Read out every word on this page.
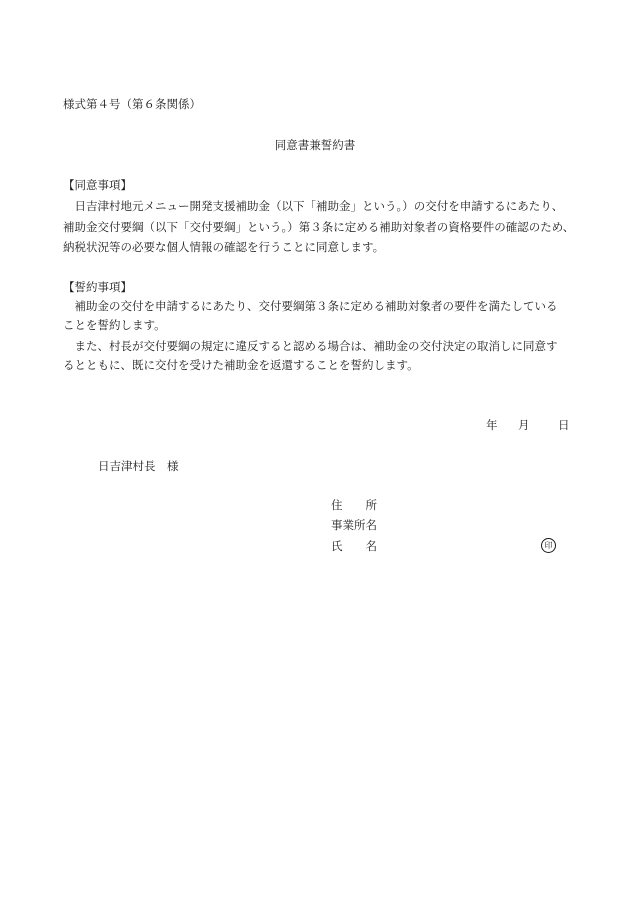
様式第４号（第６条関係）
同意書兼誓約書
【同意事項】
　日吉津村地元メニュー開発支援補助金（以下「補助金」という。）の交付を申請するにあたり、
補助金交付要綱（以下「交付要綱」という。）第３条に定める補助対象者の資格要件の確認のため、
納税状況等の必要な個人情報の確認を行うことに同意します。
【誓約事項】
　補助金の交付を申請するにあたり、交付要綱第３条に定める補助対象者の要件を満たしている
ことを誓約します。
　また、村長が交付要綱の規定に違反すると認める場合は、補助金の交付決定の取消しに同意す
るとともに、既に交付を受けた補助金を返還することを誓約します。
年 月 日
日吉津村長　様
住　　所
事業所名
氏　　名	印
